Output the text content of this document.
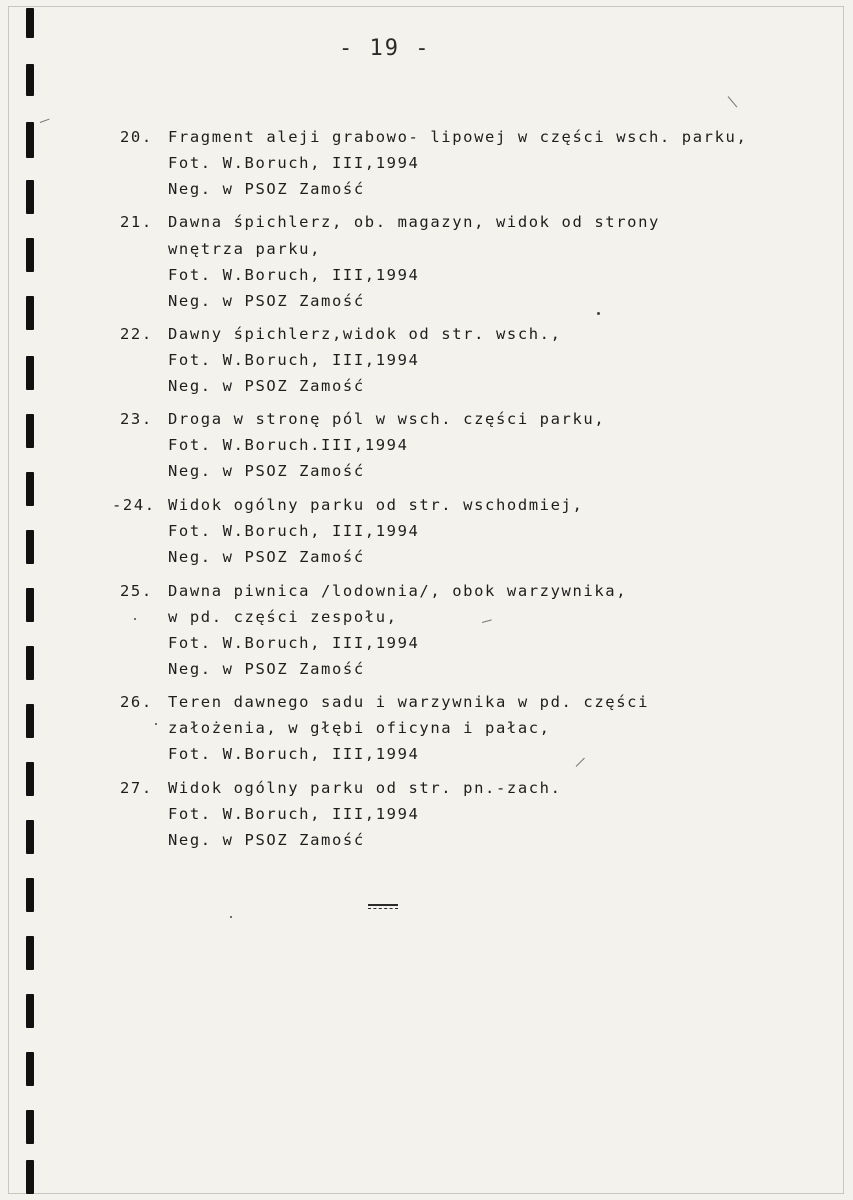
- 19 -
20. Fragment aleji grabowo- lipowej w części wsch. parku,
Fot. W.Boruch, III,1994
Neg. w PSOZ Zamość
21. Dawna śpichlerz, ob. magazyn, widok od strony
wnętrza parku,
Fot. W.Boruch, III,1994
Neg. w PSOZ Zamość
22. Dawny śpichlerz,widok od str. wsch.,
Fot. W.Boruch, III,1994
Neg. w PSOZ Zamość
23. Droga w stronę pól w wsch. części parku,
Fot. W.Boruch.III,1994
Neg. w PSOZ Zamość
-24. Widok ogólny parku od str. wschodmiej,
Fot. W.Boruch, III,1994
Neg. w PSOZ Zamość
25. Dawna piwnica /lodownia/, obok warzywnika,
w pd. części zespołu,
Fot. W.Boruch, III,1994
Neg. w PSOZ Zamość
26. Teren dawnego sadu i warzywnika w pd. części
założenia, w głębi oficyna i pałac,
Fot. W.Boruch, III,1994
27. Widok ogólny parku od str. pn.-zach.
Fot. W.Boruch, III,1994
Neg. w PSOZ Zamość
